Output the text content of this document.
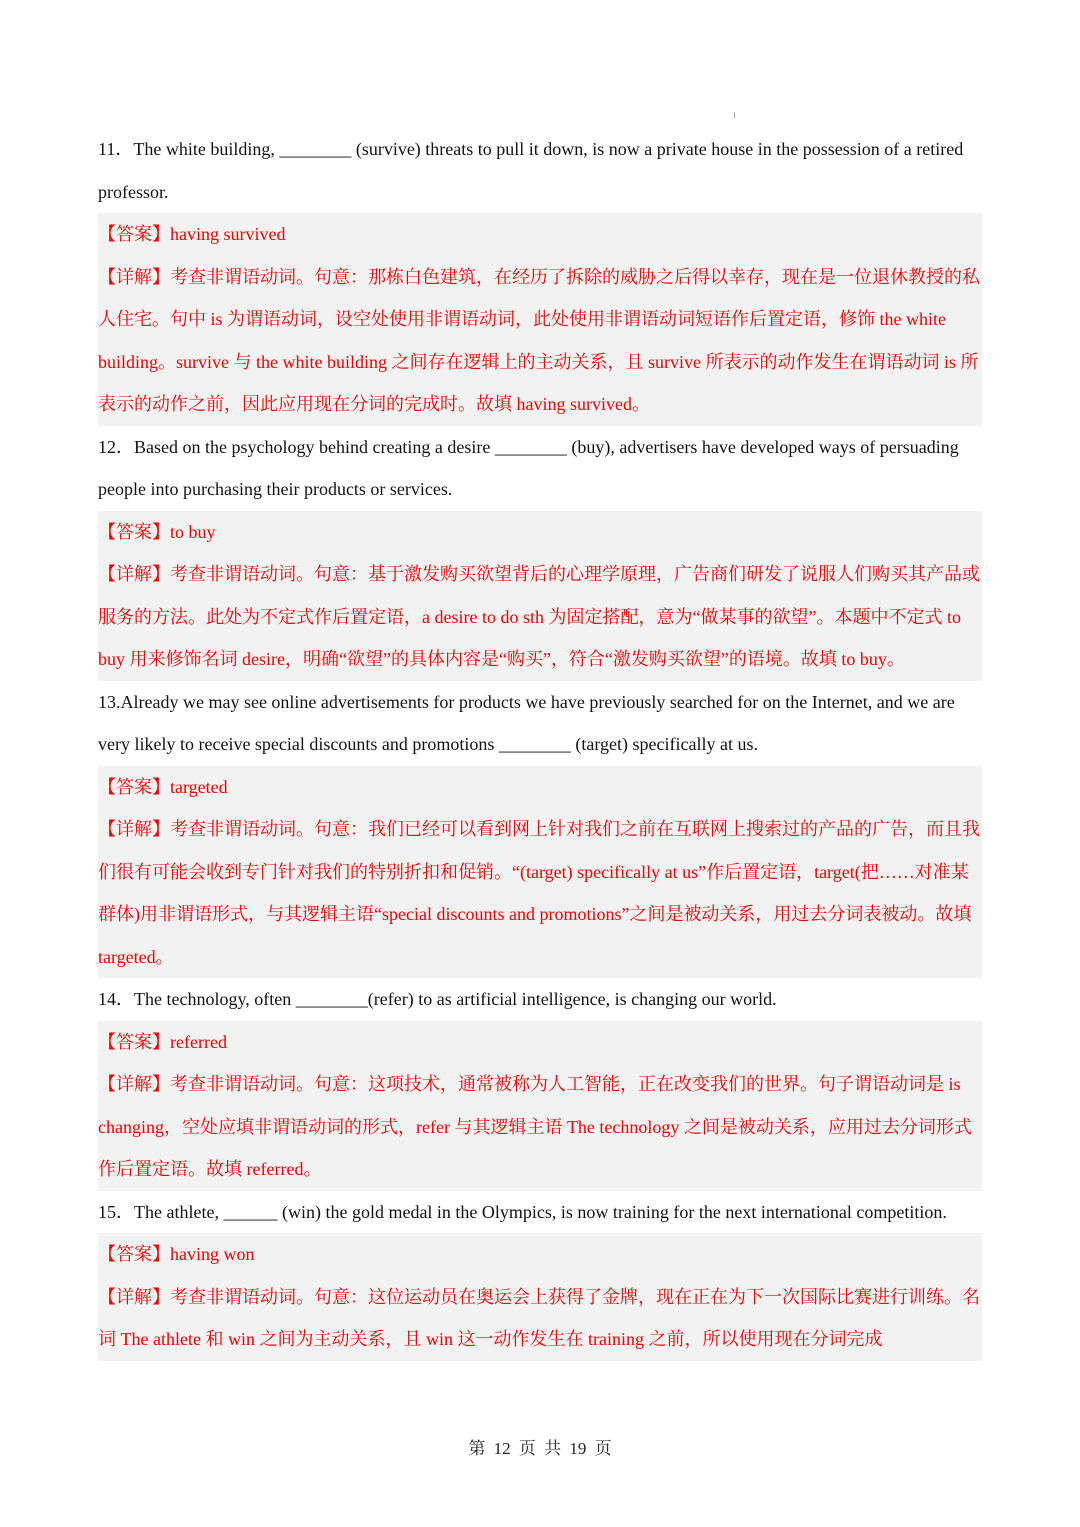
11．The white building, ________ (survive) threats to pull it down, is now a private house in the possession of a retired professor.

【答案】having survived

【详解】考查非谓语动词。句意：那栋白色建筑，在经历了拆除的威胁之后得以幸存，现在是一位退休教授的私人住宅。句中 is 为谓语动词，设空处使用非谓语动词，此处使用非谓语动词短语作后置定语，修饰 the white building。survive 与 the white building 之间存在逻辑上的主动关系，且 survive 所表示的动作发生在谓语动词 is 所表示的动作之前，因此应用现在分词的完成时。故填 having survived。

12．Based on the psychology behind creating a desire ________ (buy), advertisers have developed ways of persuading people into purchasing their products or services.

【答案】to buy

【详解】考查非谓语动词。句意：基于激发购买欲望背后的心理学原理，广告商们研发了说服人们购买其产品或服务的方法。此处为不定式作后置定语，a desire to do sth 为固定搭配，意为“做某事的欲望”。本题中不定式 to buy 用来修饰名词 desire，明确“欲望”的具体内容是“购买”，符合“激发购买欲望”的语境。故填 to buy。

13.Already we may see online advertisements for products we have previously searched for on the Internet, and we are very likely to receive special discounts and promotions ________ (target) specifically at us.

【答案】targeted

【详解】考查非谓语动词。句意：我们已经可以看到网上针对我们之前在互联网上搜索过的产品的广告，而且我们很有可能会收到专门针对我们的特别折扣和促销。“(target) specifically at us”作后置定语，target(把……对准某群体)用非谓语形式，与其逻辑主语“special discounts and promotions”之间是被动关系，用过去分词表被动。故填 targeted。

14．The technology, often ________(refer) to as artificial intelligence, is changing our world.

【答案】referred

【详解】考查非谓语动词。句意：这项技术，通常被称为人工智能，正在改变我们的世界。句子谓语动词是 is changing，空处应填非谓语动词的形式，refer 与其逻辑主语 The technology 之间是被动关系，应用过去分词形式作后置定语。故填 referred。

15．The athlete, ______ (win) the gold medal in the Olympics, is now training for the next international competition.

【答案】having won

【详解】考查非谓语动词。句意：这位运动员在奥运会上获得了金牌，现在正在为下一次国际比赛进行训练。名词 The athlete 和 win 之间为主动关系，且 win 这一动作发生在 training 之前，所以使用现在分词完成

第 12 页 共 19 页
